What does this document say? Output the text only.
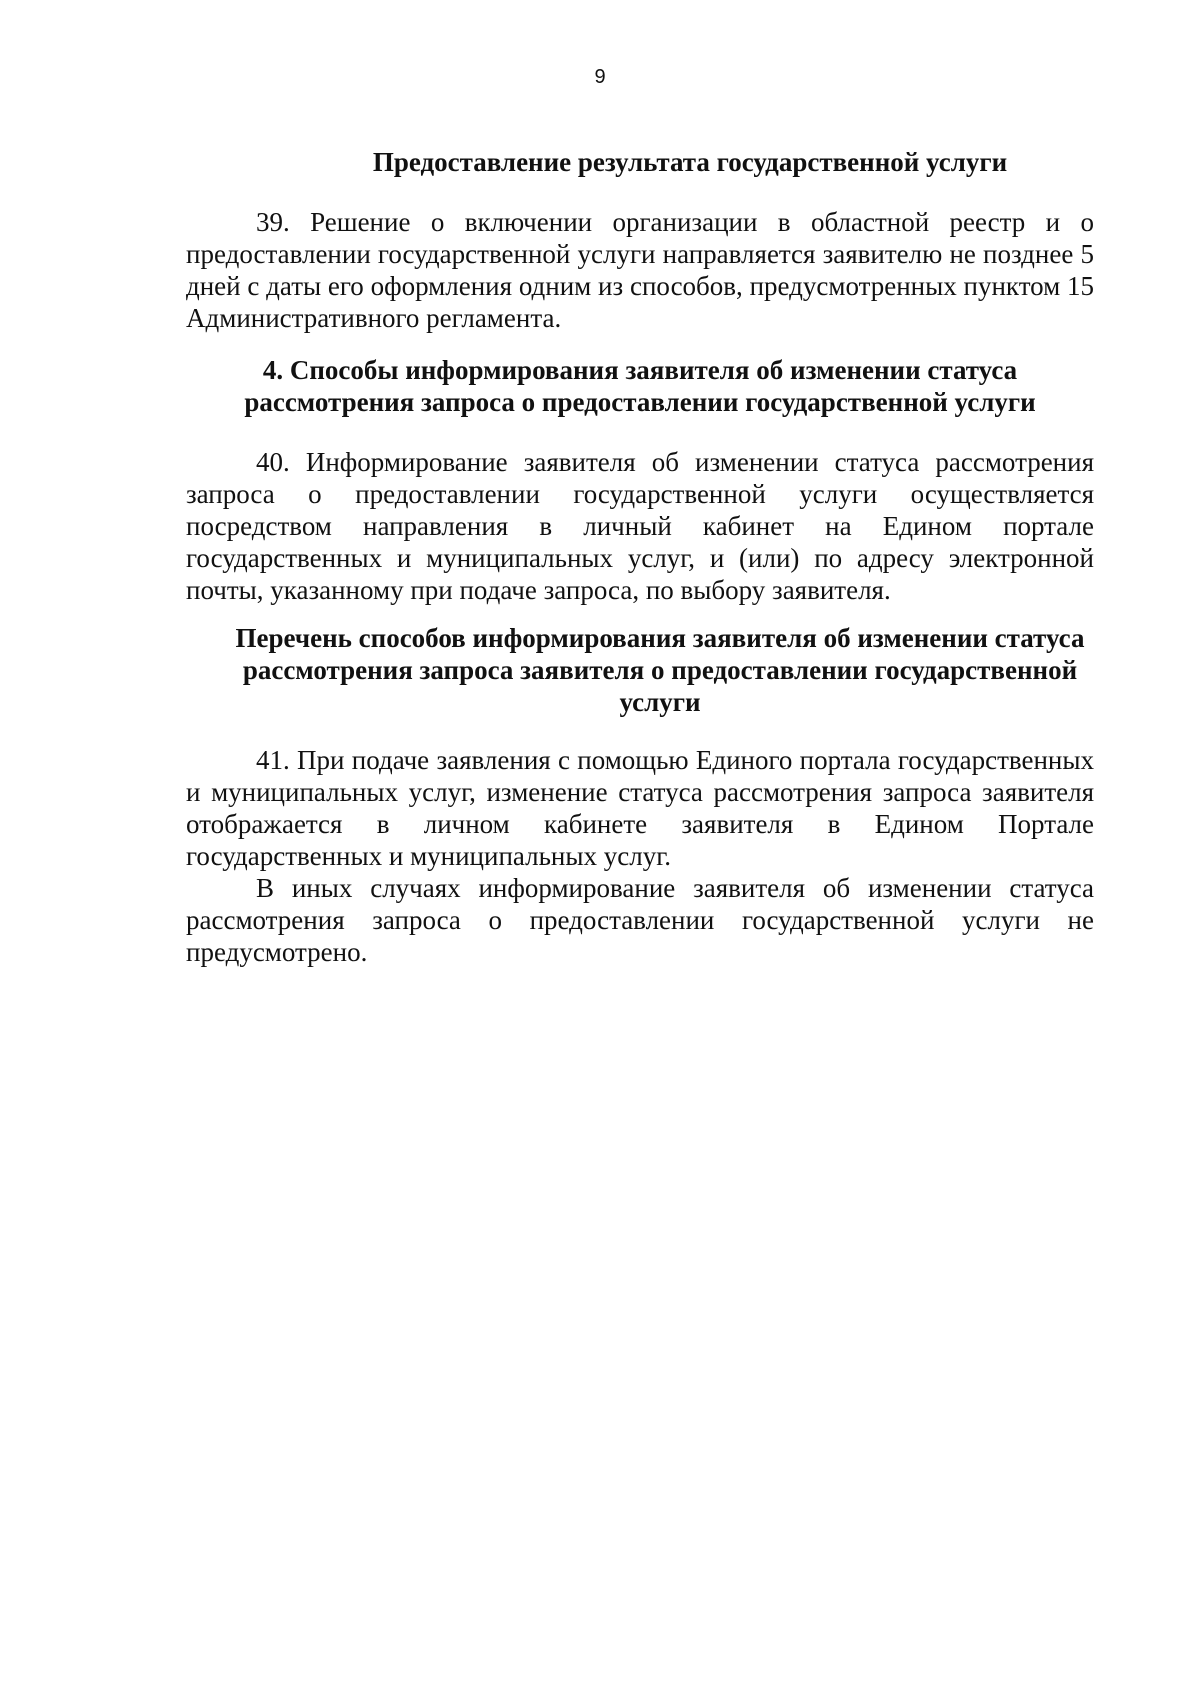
9
Предоставление результата государственной услуги

39. Решение о включении организации в областной реестр и о предоставлении государственной услуги направляется заявителю не позднее 5 дней с даты его оформления одним из способов, предусмотренных пунктом 15 Административного регламента.

4. Способы информирования заявителя об изменении статуса рассмотрения запроса о предоставлении государственной услуги

40. Информирование заявителя об изменении статуса рассмотрения запроса о предоставлении государственной услуги осуществляется посредством направления в личный кабинет на Едином портале государственных и муниципальных услуг, и (или) по адресу электронной почты, указанному при подаче запроса, по выбору заявителя.

Перечень способов информирования заявителя об изменении статуса рассмотрения запроса заявителя о предоставлении государственной услуги

41. При подаче заявления с помощью Единого портала государственных и муниципальных услуг, изменение статуса рассмотрения запроса заявителя отображается в личном кабинете заявителя в Едином Портале государственных и муниципальных услуг.

В иных случаях информирование заявителя об изменении статуса рассмотрения запроса о предоставлении государственной услуги не предусмотрено.
